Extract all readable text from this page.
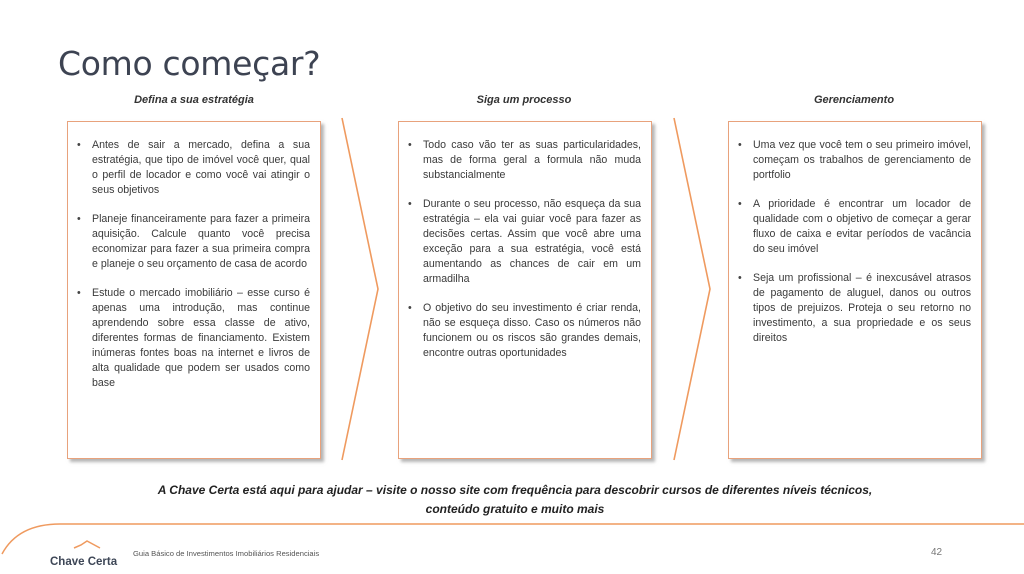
Como começar?
Defina a sua estratégia
• Antes de sair a mercado, defina a sua estratégia, que tipo de imóvel você quer, qual o perfil de locador e como você vai atingir o seus objetivos
• Planeje financeiramente para fazer a primeira aquisição. Calcule quanto você precisa economizar para fazer a sua primeira compra e planeje o seu orçamento de casa de acordo
• Estude o mercado imobiliário – esse curso é apenas uma introdução, mas continue aprendendo sobre essa classe de ativo, diferentes formas de financiamento. Existem inúmeras fontes boas na internet e livros de alta qualidade que podem ser usados como base
Siga um processo
• Todo caso vão ter as suas particularidades, mas de forma geral a formula não muda substancialmente
• Durante o seu processo, não esqueça da sua estratégia – ela vai guiar você para fazer as decisões certas. Assim que você abre uma exceção para a sua estratégia, você está aumentando as chances de cair em um armadilha
• O objetivo do seu investimento é criar renda, não se esqueça disso. Caso os números não funcionem ou os riscos são grandes demais, encontre outras oportunidades
Gerenciamento
• Uma vez que você tem o seu primeiro imóvel, começam os trabalhos de gerenciamento de portfolio
• A prioridade é encontrar um locador de qualidade com o objetivo de começar a gerar fluxo de caixa e evitar períodos de vacância do seu imóvel
• Seja um profissional – é inexcusável atrasos de pagamento de aluguel, danos ou outros tipos de prejuizos. Proteja o seu retorno no investimento, a sua propriedade e os seus direitos
A Chave Certa está aqui para ajudar – visite o nosso site com frequência para descobrir cursos de diferentes níveis técnicos,
conteúdo gratuito e muito mais
Chave Certa
Guia Básico de Investimentos Imobiliários Residenciais	42
